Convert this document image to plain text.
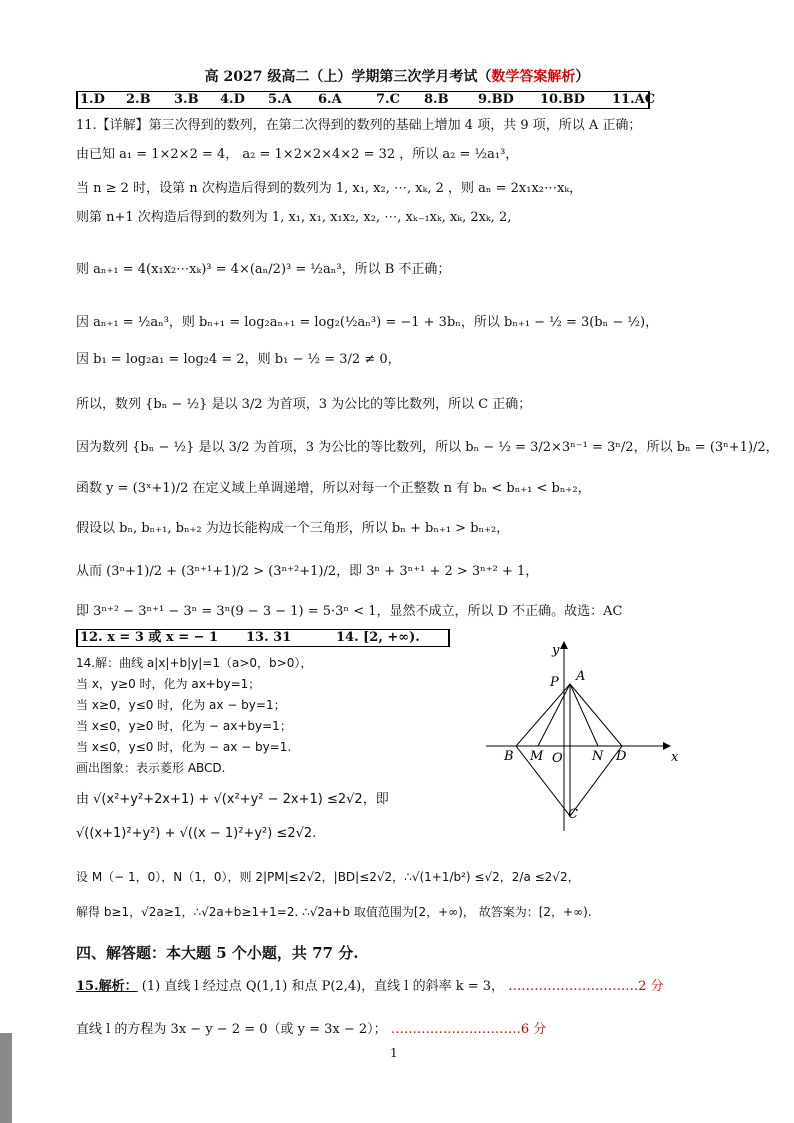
高 2027 级高二（上）学期第三次学月考试（数学答案解析）
1.D 2.B 3.B 4.D 5.A 6.A	7.C 8.B 9.BD 10.BD 11.AC
11.【详解】第三次得到的数列，在第二次得到的数列的基础上增加 4 项，共 9 项，所以 A 正确；
由已知 a₁ = 1×2×2 = 4， a₂ = 1×2×2×4×2 = 32 ，所以 a₂ = ½a₁³，
当 n ≥ 2 时，设第 n 次构造后得到的数列为 1, x₁, x₂, ⋯, xₖ, 2 ，则 aₙ = 2x₁x₂⋯xₖ，
则第 n+1 次构造后得到的数列为 1, x₁, x₁, x₁x₂, x₂, ⋯, xₖ₋₁xₖ, xₖ, 2xₖ, 2,
则 aₙ₊₁ = 4(x₁x₂⋯xₖ)³ = 4×(aₙ/2)³ = ½aₙ³，所以 B 不正确；
因 aₙ₊₁ = ½aₙ³，则 bₙ₊₁ = log₂aₙ₊₁ = log₂(½aₙ³) = −1 + 3bₙ，所以 bₙ₊₁ − ½ = 3(bₙ − ½)，
因 b₁ = log₂a₁ = log₂4 = 2，则 b₁ − ½ = 3/2 ≠ 0，
所以，数列 {bₙ − ½} 是以 3/2 为首项，3 为公比的等比数列，所以 C 正确；
因为数列 {bₙ − ½} 是以 3/2 为首项，3 为公比的等比数列，所以 bₙ − ½ = 3/2×3ⁿ⁻¹ = 3ⁿ/2，所以 bₙ = (3ⁿ+1)/2，
函数 y = (3ˣ+1)/2 在定义域上单调递增，所以对每一个正整数 n 有 bₙ < bₙ₊₁ < bₙ₊₂，
假设以 bₙ, bₙ₊₁, bₙ₊₂ 为边长能构成一个三角形，所以 bₙ + bₙ₊₁ > bₙ₊₂，
从而 (3ⁿ+1)/2 + (3ⁿ⁺¹+1)/2 > (3ⁿ⁺²+1)/2，即 3ⁿ + 3ⁿ⁺¹ + 2 > 3ⁿ⁺² + 1，
即 3ⁿ⁺² − 3ⁿ⁺¹ − 3ⁿ = 3ⁿ(9 − 3 − 1) = 5·3ⁿ < 1，显然不成立，所以 D 不正确。故选：AC
12. x = 3 或 x = − 1 13. 31	14. [2, +∞).
14.解：曲线 a|x|+b|y|=1（a>0，b>0），
当 x，y≥0 时，化为 ax+by=1；
当 x≥0，y≤0 时，化为 ax − by=1；
当 x≤0，y≥0 时，化为 − ax+by=1；
当 x≤0，y≤0 时，化为 − ax − by=1.
画出图象：表示菱形 ABCD.
由 √(x²+y²+2x+1) + √(x²+y² − 2x+1) ≤2√2，即
√((x+1)²+y²) + √((x − 1)²+y²) ≤2√2.
设 M（− 1，0），N（1，0），则 2|PM|≤2√2，|BD|≤2√2，∴√(1+1/b²) ≤√2，2/a ≤2√2，
解得 b≥1，√2a≥1，∴√2a+b≥1+1=2. ∴√2a+b 取值范围为[2，+∞)， 故答案为：[2，+∞).
x
y
P A
B M O N D
C
四、解答题：本大题 5 个小题，共 77 分.
15.解析： (1) 直线 l 经过点 Q(1,1) 和点 P(2,4)，直线 l 的斜率 k = 3， …………………………2 分
直线 l 的方程为 3x − y − 2 = 0（或 y = 3x − 2）； …………………………6 分
1
